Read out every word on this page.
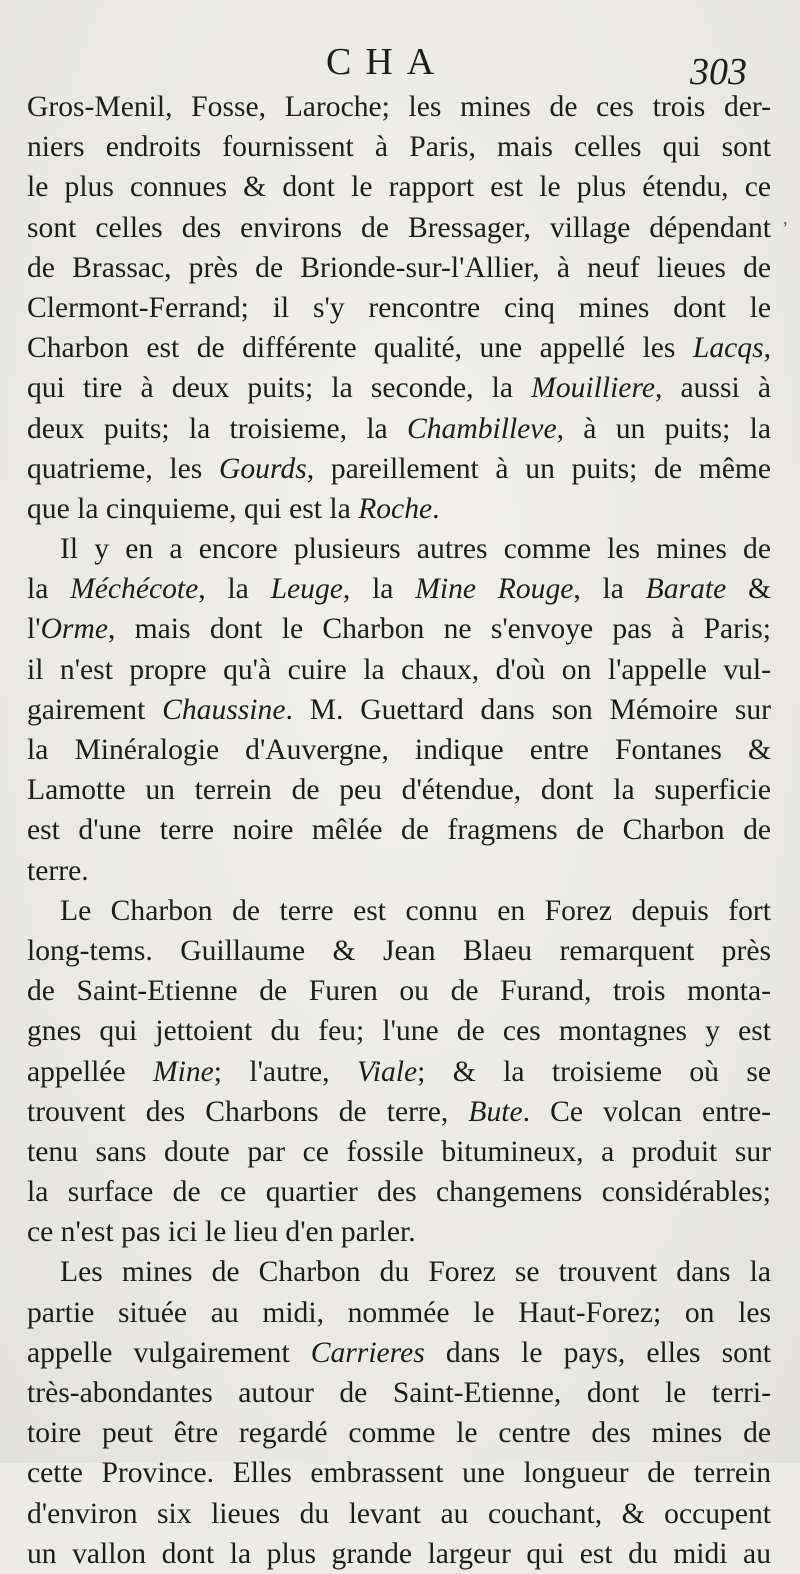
CHA	303
,
Gros-Menil, Fosse, Laroche; les mines de ces trois der-
niers endroits fournissent à Paris, mais celles qui sont
le plus connues & dont le rapport est le plus étendu, ce
sont celles des environs de Bressager, village dépendant
de Brassac, près de Brionde-sur-l'Allier, à neuf lieues de
Clermont-Ferrand; il s'y rencontre cinq mines dont le
Charbon est de différente qualité, une appellé les Lacqs,
qui tire à deux puits; la seconde, la Mouilliere, aussi à
deux puits; la troisieme, la Chambilleve, à un puits; la
quatrieme, les Gourds, pareillement à un puits; de même
que la cinquieme, qui est la Roche.
Il y en a encore plusieurs autres comme les mines de
la Méchécote, la Leuge, la Mine Rouge, la Barate &
l'Orme, mais dont le Charbon ne s'envoye pas à Paris;
il n'est propre qu'à cuire la chaux, d'où on l'appelle vul-
gairement Chaussine. M. Guettard dans son Mémoire sur
la Minéralogie d'Auvergne, indique entre Fontanes &
Lamotte un terrein de peu d'étendue, dont la superficie
est d'une terre noire mêlée de fragmens de Charbon de
terre.
Le Charbon de terre est connu en Forez depuis fort
long-tems. Guillaume & Jean Blaeu remarquent près
de Saint-Etienne de Furen ou de Furand, trois monta-
gnes qui jettoient du feu; l'une de ces montagnes y est
appellée Mine; l'autre, Viale; & la troisieme où se
trouvent des Charbons de terre, Bute. Ce volcan entre-
tenu sans doute par ce fossile bitumineux, a produit sur
la surface de ce quartier des changemens considérables;
ce n'est pas ici le lieu d'en parler.
Les mines de Charbon du Forez se trouvent dans la
partie située au midi, nommée le Haut-Forez; on les
appelle vulgairement Carrieres dans le pays, elles sont
très-abondantes autour de Saint-Etienne, dont le terri-
toire peut être regardé comme le centre des mines de
cette Province. Elles embrassent une longueur de terrein
d'environ six lieues du levant au couchant, & occupent
un vallon dont la plus grande largeur qui est du midi au
